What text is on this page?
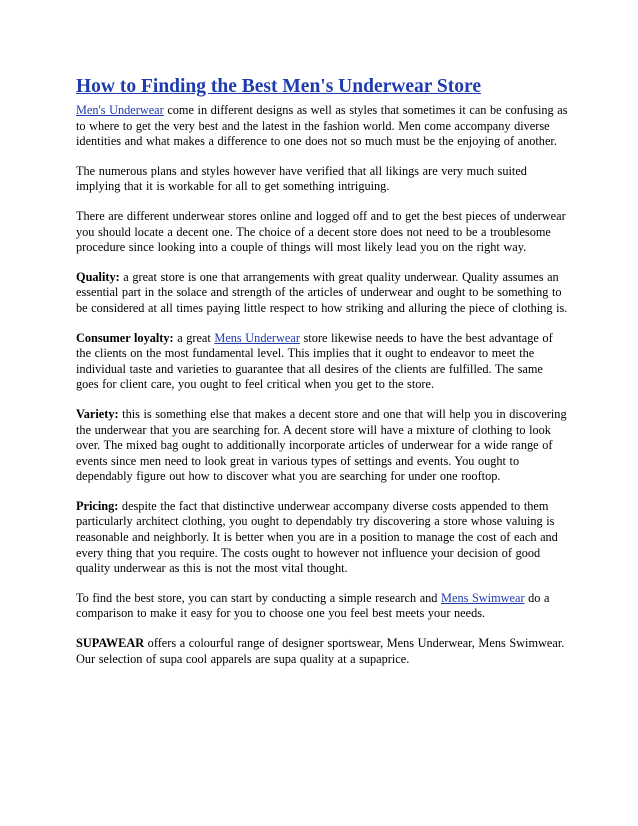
How to Finding the Best Men's Underwear Store

Men's Underwear come in different designs as well as styles that sometimes it can be confusing as to where to get the very best and the latest in the fashion world. Men come accompany diverse identities and what makes a difference to one does not so much must be the enjoying of another.

The numerous plans and styles however have verified that all likings are very much suited implying that it is workable for all to get something intriguing.

There are different underwear stores online and logged off and to get the best pieces of underwear you should locate a decent one. The choice of a decent store does not need to be a troublesome procedure since looking into a couple of things will most likely lead you on the right way.

Quality: a great store is one that arrangements with great quality underwear. Quality assumes an essential part in the solace and strength of the articles of underwear and ought to be something to be considered at all times paying little respect to how striking and alluring the piece of clothing is.

Consumer loyalty: a great Mens Underwear store likewise needs to have the best advantage of the clients on the most fundamental level. This implies that it ought to endeavor to meet the individual taste and varieties to guarantee that all desires of the clients are fulfilled. The same goes for client care, you ought to feel critical when you get to the store.

Variety: this is something else that makes a decent store and one that will help you in discovering the underwear that you are searching for. A decent store will have a mixture of clothing to look over. The mixed bag ought to additionally incorporate articles of underwear for a wide range of events since men need to look great in various types of settings and events. You ought to dependably figure out how to discover what you are searching for under one rooftop.

Pricing: despite the fact that distinctive underwear accompany diverse costs appended to them particularly architect clothing, you ought to dependably try discovering a store whose valuing is reasonable and neighborly. It is better when you are in a position to manage the cost of each and every thing that you require. The costs ought to however not influence your decision of good quality underwear as this is not the most vital thought.

To find the best store, you can start by conducting a simple research and Mens Swimwear do a comparison to make it easy for you to choose one you feel best meets your needs.

SUPAWEAR offers a colourful range of designer sportswear, Mens Underwear, Mens Swimwear. Our selection of supa cool apparels are supa quality at a supaprice.
